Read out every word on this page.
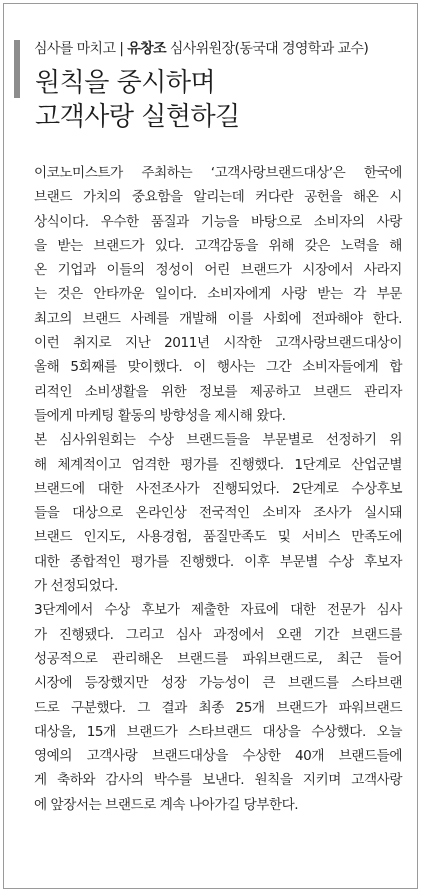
심사를 마치고 | 유창조 심사위원장(동국대 경영학과 교수)
원칙을 중시하며
고객사랑 실현하길

이코노미스트가 주최하는 ‘고객사랑브랜드대상’은 한국에
브랜드 가치의 중요함을 알리는데 커다란 공헌을 해온 시
상식이다. 우수한 품질과 기능을 바탕으로 소비자의 사랑
을 받는 브랜드가 있다. 고객감동을 위해 갖은 노력을 해
온 기업과 이들의 정성이 어린 브랜드가 시장에서 사라지
는 것은 안타까운 일이다. 소비자에게 사랑 받는 각 부문
최고의 브랜드 사례를 개발해 이를 사회에 전파해야 한다.
이런 취지로 지난 2011년 시작한 고객사랑브랜드대상이
올해 5회째를 맞이했다. 이 행사는 그간 소비자들에게 합
리적인 소비생활을 위한 정보를 제공하고 브랜드 관리자
들에게 마케팅 활동의 방향성을 제시해 왔다.

본 심사위원회는 수상 브랜드들을 부문별로 선정하기 위
해 체계적이고 엄격한 평가를 진행했다. 1단계로 산업군별
브랜드에 대한 사전조사가 진행되었다. 2단계로 수상후보
들을 대상으로 온라인상 전국적인 소비자 조사가 실시돼
브랜드 인지도, 사용경험, 품질만족도 및 서비스 만족도에
대한 종합적인 평가를 진행했다. 이후 부문별 수상 후보자
가 선정되었다.

3단계에서 수상 후보가 제출한 자료에 대한 전문가 심사
가 진행됐다. 그리고 심사 과정에서 오랜 기간 브랜드를
성공적으로 관리해온 브랜드를 파워브랜드로, 최근 들어
시장에 등장했지만 성장 가능성이 큰 브랜드를 스타브랜
드로 구분했다. 그 결과 최종 25개 브랜드가 파워브랜드
대상을, 15개 브랜드가 스타브랜드 대상을 수상했다. 오늘
영예의 고객사랑 브랜드대상을 수상한 40개 브랜드들에
게 축하와 감사의 박수를 보낸다. 원칙을 지키며 고객사랑
에 앞장서는 브랜드로 계속 나아가길 당부한다.
